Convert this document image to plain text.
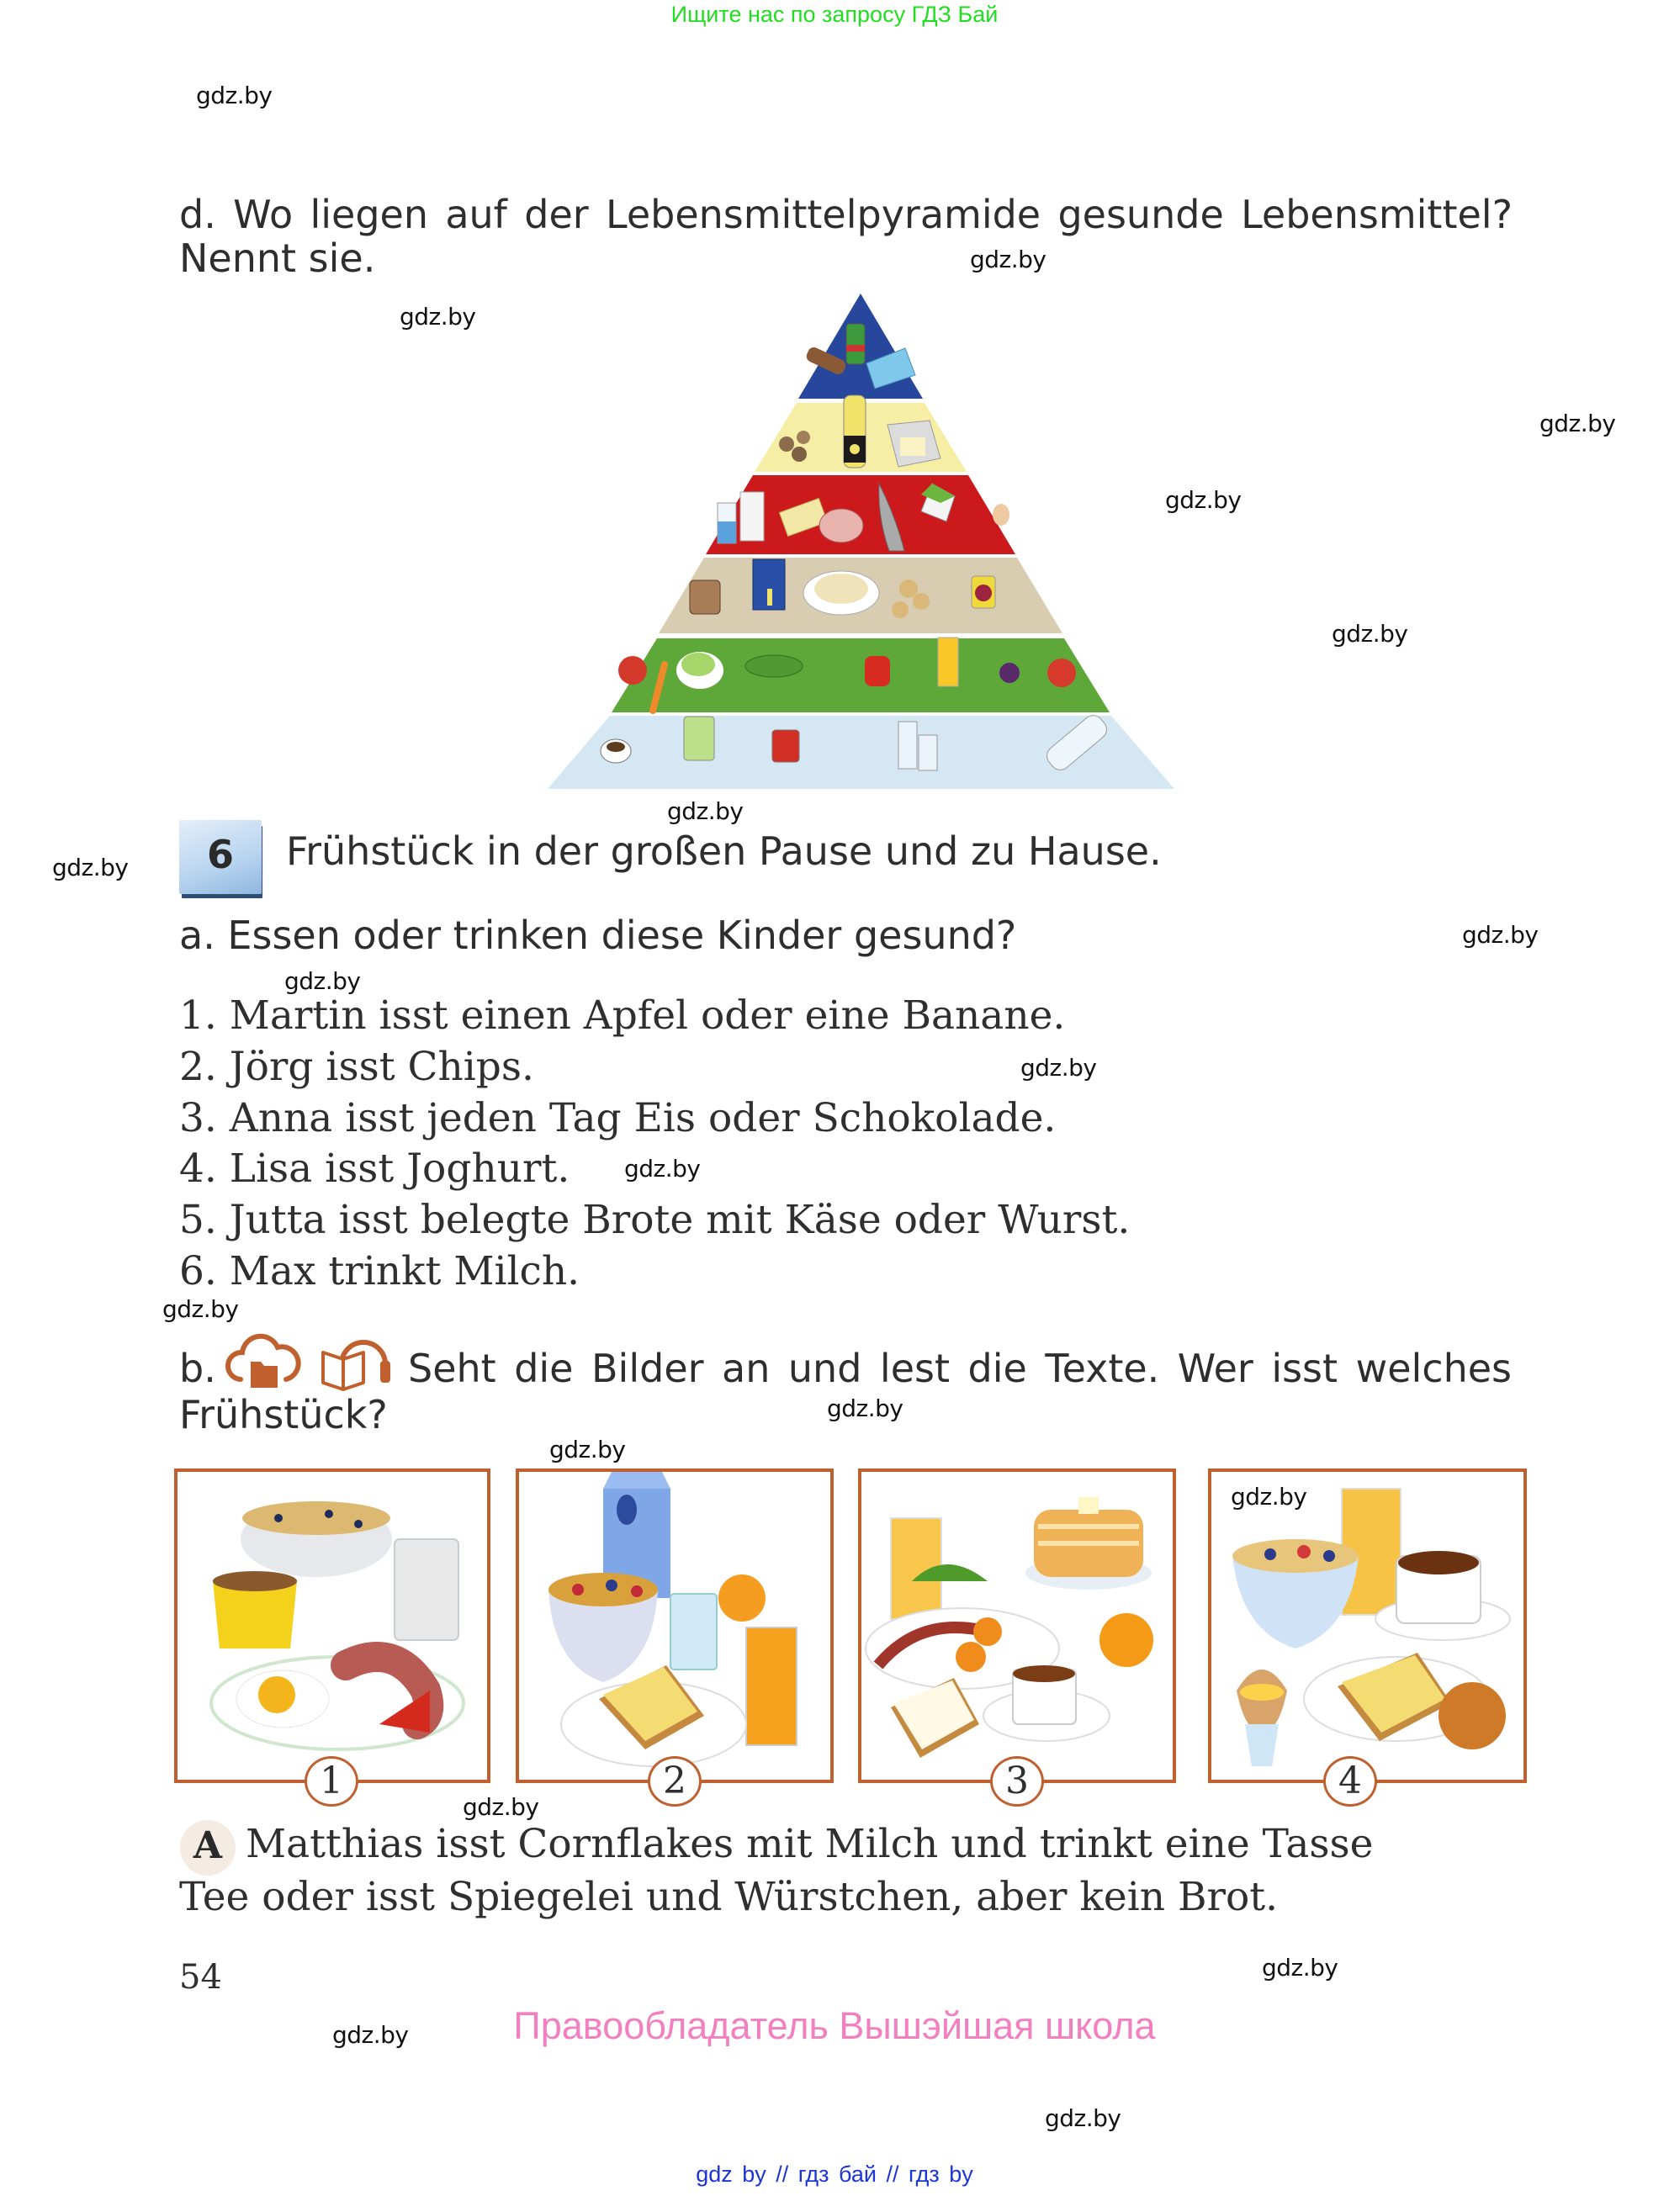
Ищите нас по запросу ГДЗ Бай
d. Wo liegen auf der Lebensmittelpyramide gesunde Lebensmittel?
Nennt sie.
6	Frühstück in der großen Pause und zu Hause.
a. Essen oder trinken diese Kinder gesund?
1. Martin isst einen Apfel oder eine Banane.
2. Jörg isst Chips.
3. Anna isst jeden Tag Eis oder Schokolade.
4. Lisa isst Joghurt.
5. Jutta isst belegte Brote mit Käse oder Wurst.
6. Max trinkt Milch.
b.	Seht die Bilder an und lest die Texte. Wer isst welches
Frühstück?
1	2	3	4
A Matthias isst Cornflakes mit Milch und trinkt eine Tasse
Tee oder isst Spiegelei und Würstchen, aber kein Brot.
54
Правообладатель Вышэйшая школа
gdz by // гдз бай // гдз by
gdz.by
gdz.by
gdz.by
gdz.by
gdz.by
gdz.by
gdz.by
gdz.by
gdz.by
gdz.by
gdz.by
gdz.by
gdz.by
gdz.by
gdz.by
gdz.by
gdz.by
gdz.by
gdz.by
gdz.by
